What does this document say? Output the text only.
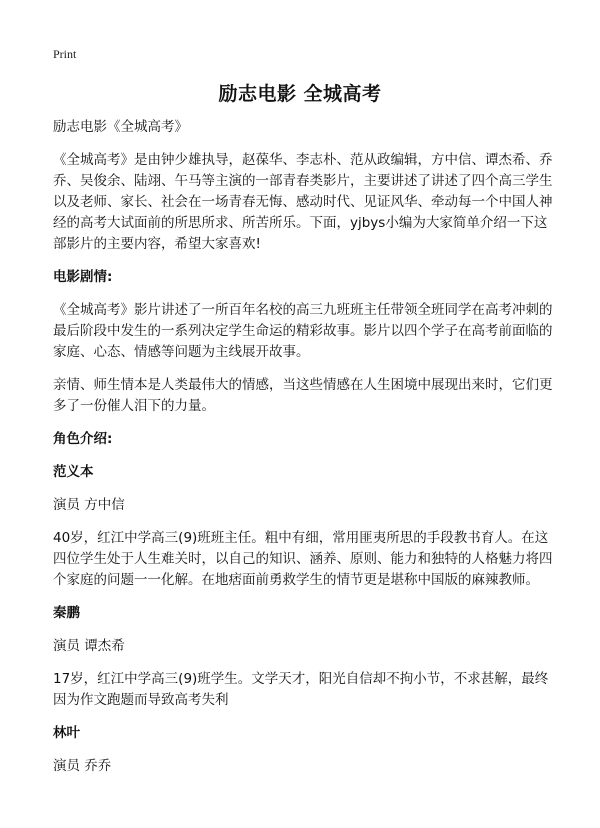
Print
励志电影 全城高考

励志电影《全城高考》

《全城高考》是由钟少雄执导，赵葆华、李志朴、范从政编辑，方中信、谭杰希、乔乔、吴俊余、陆翊、午马等主演的一部青春类影片，主要讲述了讲述了四个高三学生以及老师、家长、社会在一场青春无悔、感动时代、见证风华、牵动每一个中国人神经的高考大试面前的所思所求、所苦所乐。下面，yjbys小编为大家简单介绍一下这部影片的主要内容，希望大家喜欢!

电影剧情:

《全城高考》影片讲述了一所百年名校的高三九班班主任带领全班同学在高考冲刺的最后阶段中发生的一系列决定学生命运的精彩故事。影片以四个学子在高考前面临的家庭、心态、情感等问题为主线展开故事。

亲情、师生情本是人类最伟大的情感，当这些情感在人生困境中展现出来时，它们更多了一份催人泪下的力量。

角色介绍:
范义本

演员 方中信

40岁，红江中学高三(9)班班主任。粗中有细，常用匪夷所思的手段教书育人。在这四位学生处于人生难关时，以自己的知识、涵养、原则、能力和独特的人格魅力将四个家庭的问题一一化解。在地痞面前勇救学生的情节更是堪称中国版的麻辣教师。

秦鹏

演员 谭杰希

17岁，红江中学高三(9)班学生。文学天才，阳光自信却不拘小节，不求甚解，最终因为作文跑题而导致高考失利

林叶

演员 乔乔
